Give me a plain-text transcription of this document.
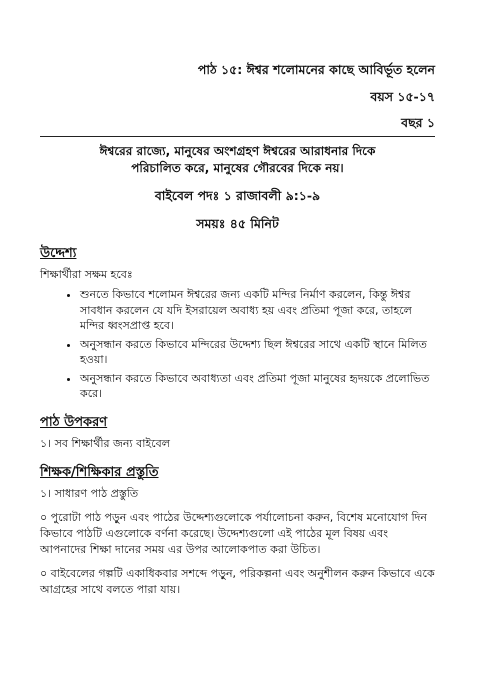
পাঠ ১৫: ঈশ্বর শলোমনের কাছে আবির্ভূত হলেন
বয়স ১৫-১৭
বছর ১
ঈশ্বরের রাজ্যে, মানুষের অংশগ্রহণ ঈশ্বরের আরাধনার দিকে
পরিচালিত করে, মানুষের গৌরবের দিকে নয়।
বাইবেল পদঃ ১ রাজাবলী ৯:১-৯
সময়ঃ ৪৫ মিনিট
উদ্দেশ্য
শিক্ষার্থীরা সক্ষম হবেঃ
• শুনতে কিভাবে শলোমন ঈশ্বরের জন্য একটি মন্দির নির্মাণ করলেন, কিন্তু ঈশ্বর সাবধান করলেন যে যদি ইসরায়েল অবাধ্য হয় এবং প্রতিমা পূজা করে, তাহলে মন্দির ধ্বংসপ্রাপ্ত হবে।
• অনুসন্ধান করতে কিভাবে মন্দিরের উদ্দেশ্য ছিল ঈশ্বরের সাথে একটি স্থানে মিলিত হওয়া।
• অনুসন্ধান করতে কিভাবে অবাধ্যতা এবং প্রতিমা পূজা মানুষের হৃদয়কে প্রলোভিত করে।
পাঠ উপকরণ
১। সব শিক্ষার্থীর জন্য বাইবেল
শিক্ষক/শিক্ষিকার প্রস্তুতি
১। সাধারণ পাঠ প্রস্তুতি
০ পুরোটা পাঠ পড়ুন এবং পাঠের উদ্দেশ্যগুলোকে পর্যালোচনা করুন, বিশেষ মনোযোগ দিন কিভাবে পাঠটি এগুলোকে বর্ণনা করেছে। উদ্দেশ্যগুলো এই পাঠের মূল বিষয় এবং আপনাদের শিক্ষা দানের সময় এর উপর আলোকপাত করা উচিত।
০ বাইবেলের গল্পটি একাধিকবার সশব্দে পড়ুন, পরিকল্পনা এবং অনুশীলন করুন কিভাবে একে আগ্রহের সাথে বলতে পারা যায়।
